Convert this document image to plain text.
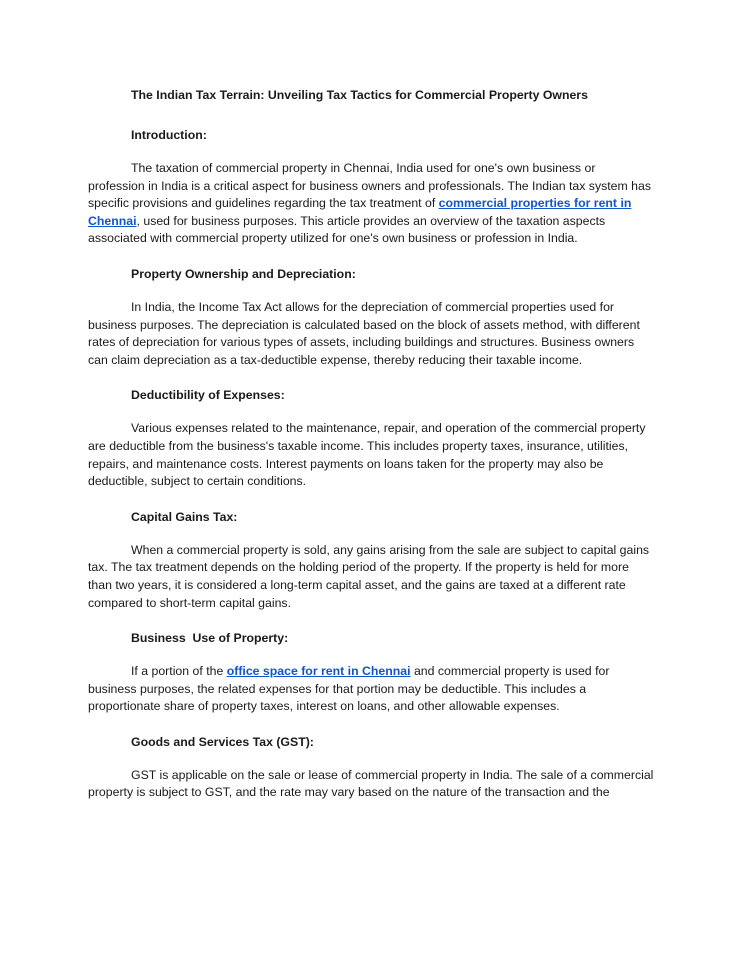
The Indian Tax Terrain: Unveiling Tax Tactics for Commercial Property Owners
Introduction:

The taxation of commercial property in Chennai, India used for one's own business or profession in India is a critical aspect for business owners and professionals. The Indian tax system has specific provisions and guidelines regarding the tax treatment of commercial properties for rent in Chennai, used for business purposes. This article provides an overview of the taxation aspects associated with commercial property utilized for one's own business or profession in India.

Property Ownership and Depreciation:

In India, the Income Tax Act allows for the depreciation of commercial properties used for business purposes. The depreciation is calculated based on the block of assets method, with different rates of depreciation for various types of assets, including buildings and structures. Business owners can claim depreciation as a tax-deductible expense, thereby reducing their taxable income.

Deductibility of Expenses:

Various expenses related to the maintenance, repair, and operation of the commercial property are deductible from the business's taxable income. This includes property taxes, insurance, utilities, repairs, and maintenance costs. Interest payments on loans taken for the property may also be deductible, subject to certain conditions.

Capital Gains Tax:

When a commercial property is sold, any gains arising from the sale are subject to capital gains tax. The tax treatment depends on the holding period of the property. If the property is held for more than two years, it is considered a long-term capital asset, and the gains are taxed at a different rate compared to short-term capital gains.

Business  Use of Property:

If a portion of the office space for rent in Chennai and commercial property is used for business purposes, the related expenses for that portion may be deductible. This includes a proportionate share of property taxes, interest on loans, and other allowable expenses.

Goods and Services Tax (GST):

GST is applicable on the sale or lease of commercial property in India. The sale of a commercial property is subject to GST, and the rate may vary based on the nature of the transaction and the
